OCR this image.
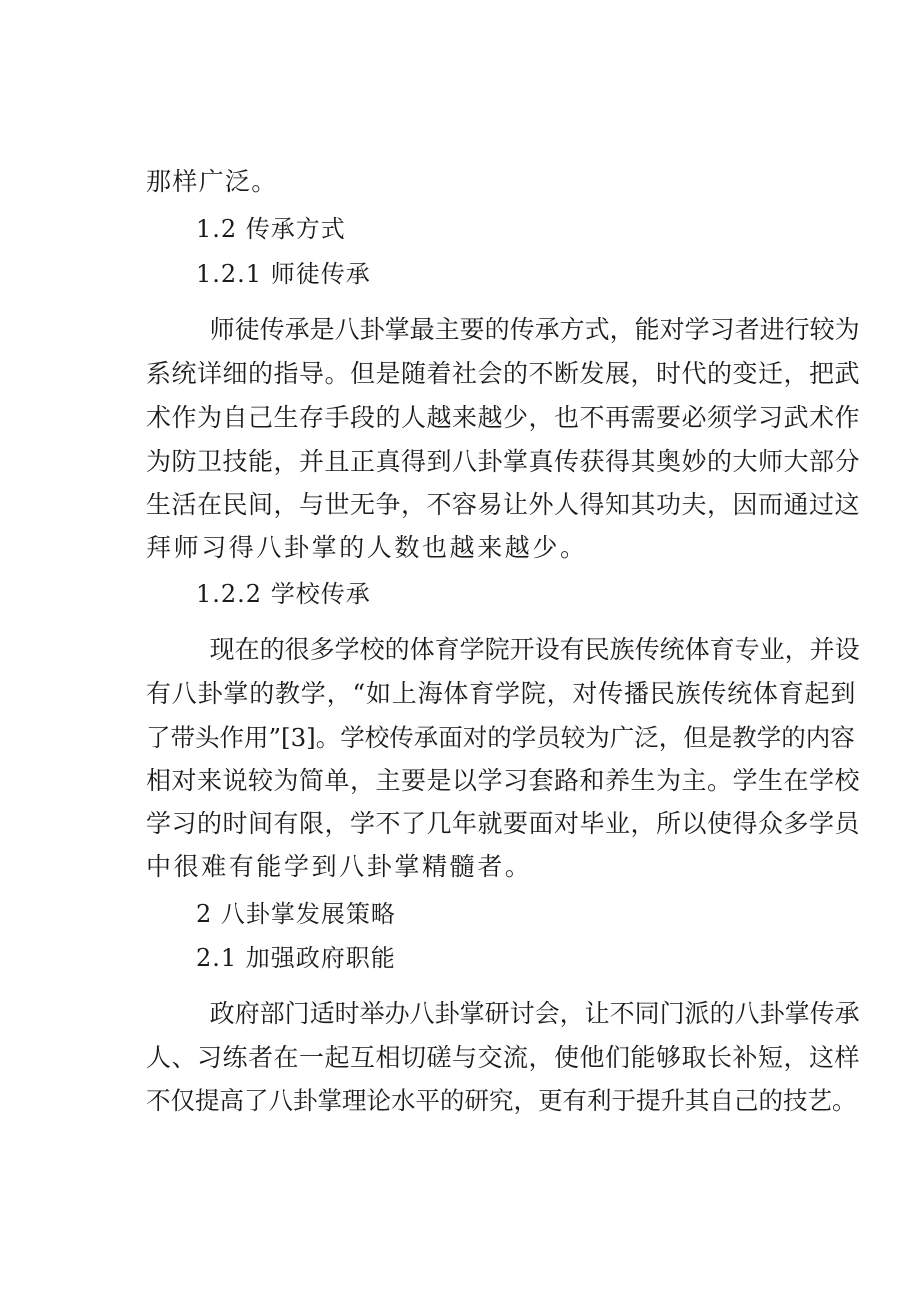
那样广泛。
1.2 传承方式
1.2.1 师徒传承
师徒传承是八卦掌最主要的传承方式，能对学习者进行较为
系统详细的指导。但是随着社会的不断发展，时代的变迁，把武
术作为自己生存手段的人越来越少，也不再需要必须学习武术作
为防卫技能，并且正真得到八卦掌真传获得其奥妙的大师大部分
生活在民间，与世无争，不容易让外人得知其功夫，因而通过这
拜师习得八卦掌的人数也越来越少。
1.2.2 学校传承
现在的很多学校的体育学院开设有民族传统体育专业，并设
有八卦掌的教学，“如上海体育学院，对传播民族传统体育起到
了带头作用”[3]。学校传承面对的学员较为广泛，但是教学的内容
相对来说较为简单，主要是以学习套路和养生为主。学生在学校
学习的时间有限，学不了几年就要面对毕业，所以使得众多学员
中很难有能学到八卦掌精髓者。
2 八卦掌发展策略
2.1 加强政府职能
政府部门适时举办八卦掌研讨会，让不同门派的八卦掌传承
人、习练者在一起互相切磋与交流，使他们能够取长补短，这样
不仅提高了八卦掌理论水平的研究，更有利于提升其自己的技艺。
